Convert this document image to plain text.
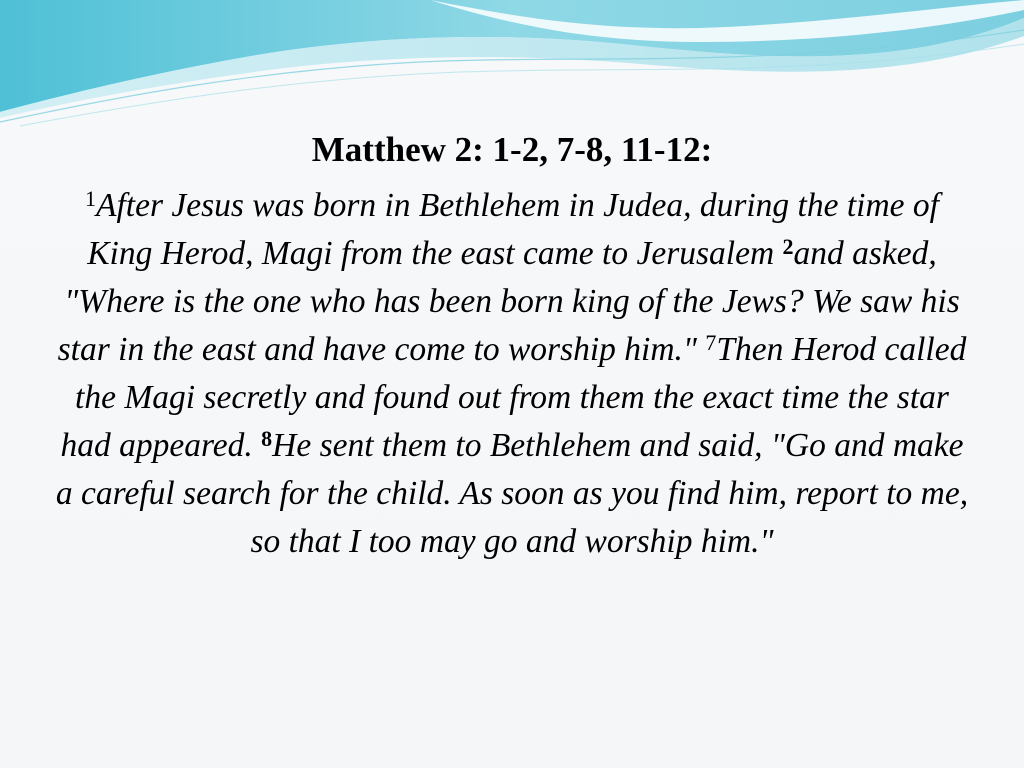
Matthew 2: 1-2, 7-8, 11-12:

$^1$After Jesus was born in Bethlehem in Judea, during the time of King Herod, Magi from the east came to Jerusalem $^2$and asked, "Where is the one who has been born king of the Jews? We saw his star in the east and have come to worship him." $^7$Then Herod called the Magi secretly and found out from them the exact time the star had appeared. $^8$He sent them to Bethlehem and said, "Go and make a careful search for the child. As soon as you find him, report to me, so that I too may go and worship him."
